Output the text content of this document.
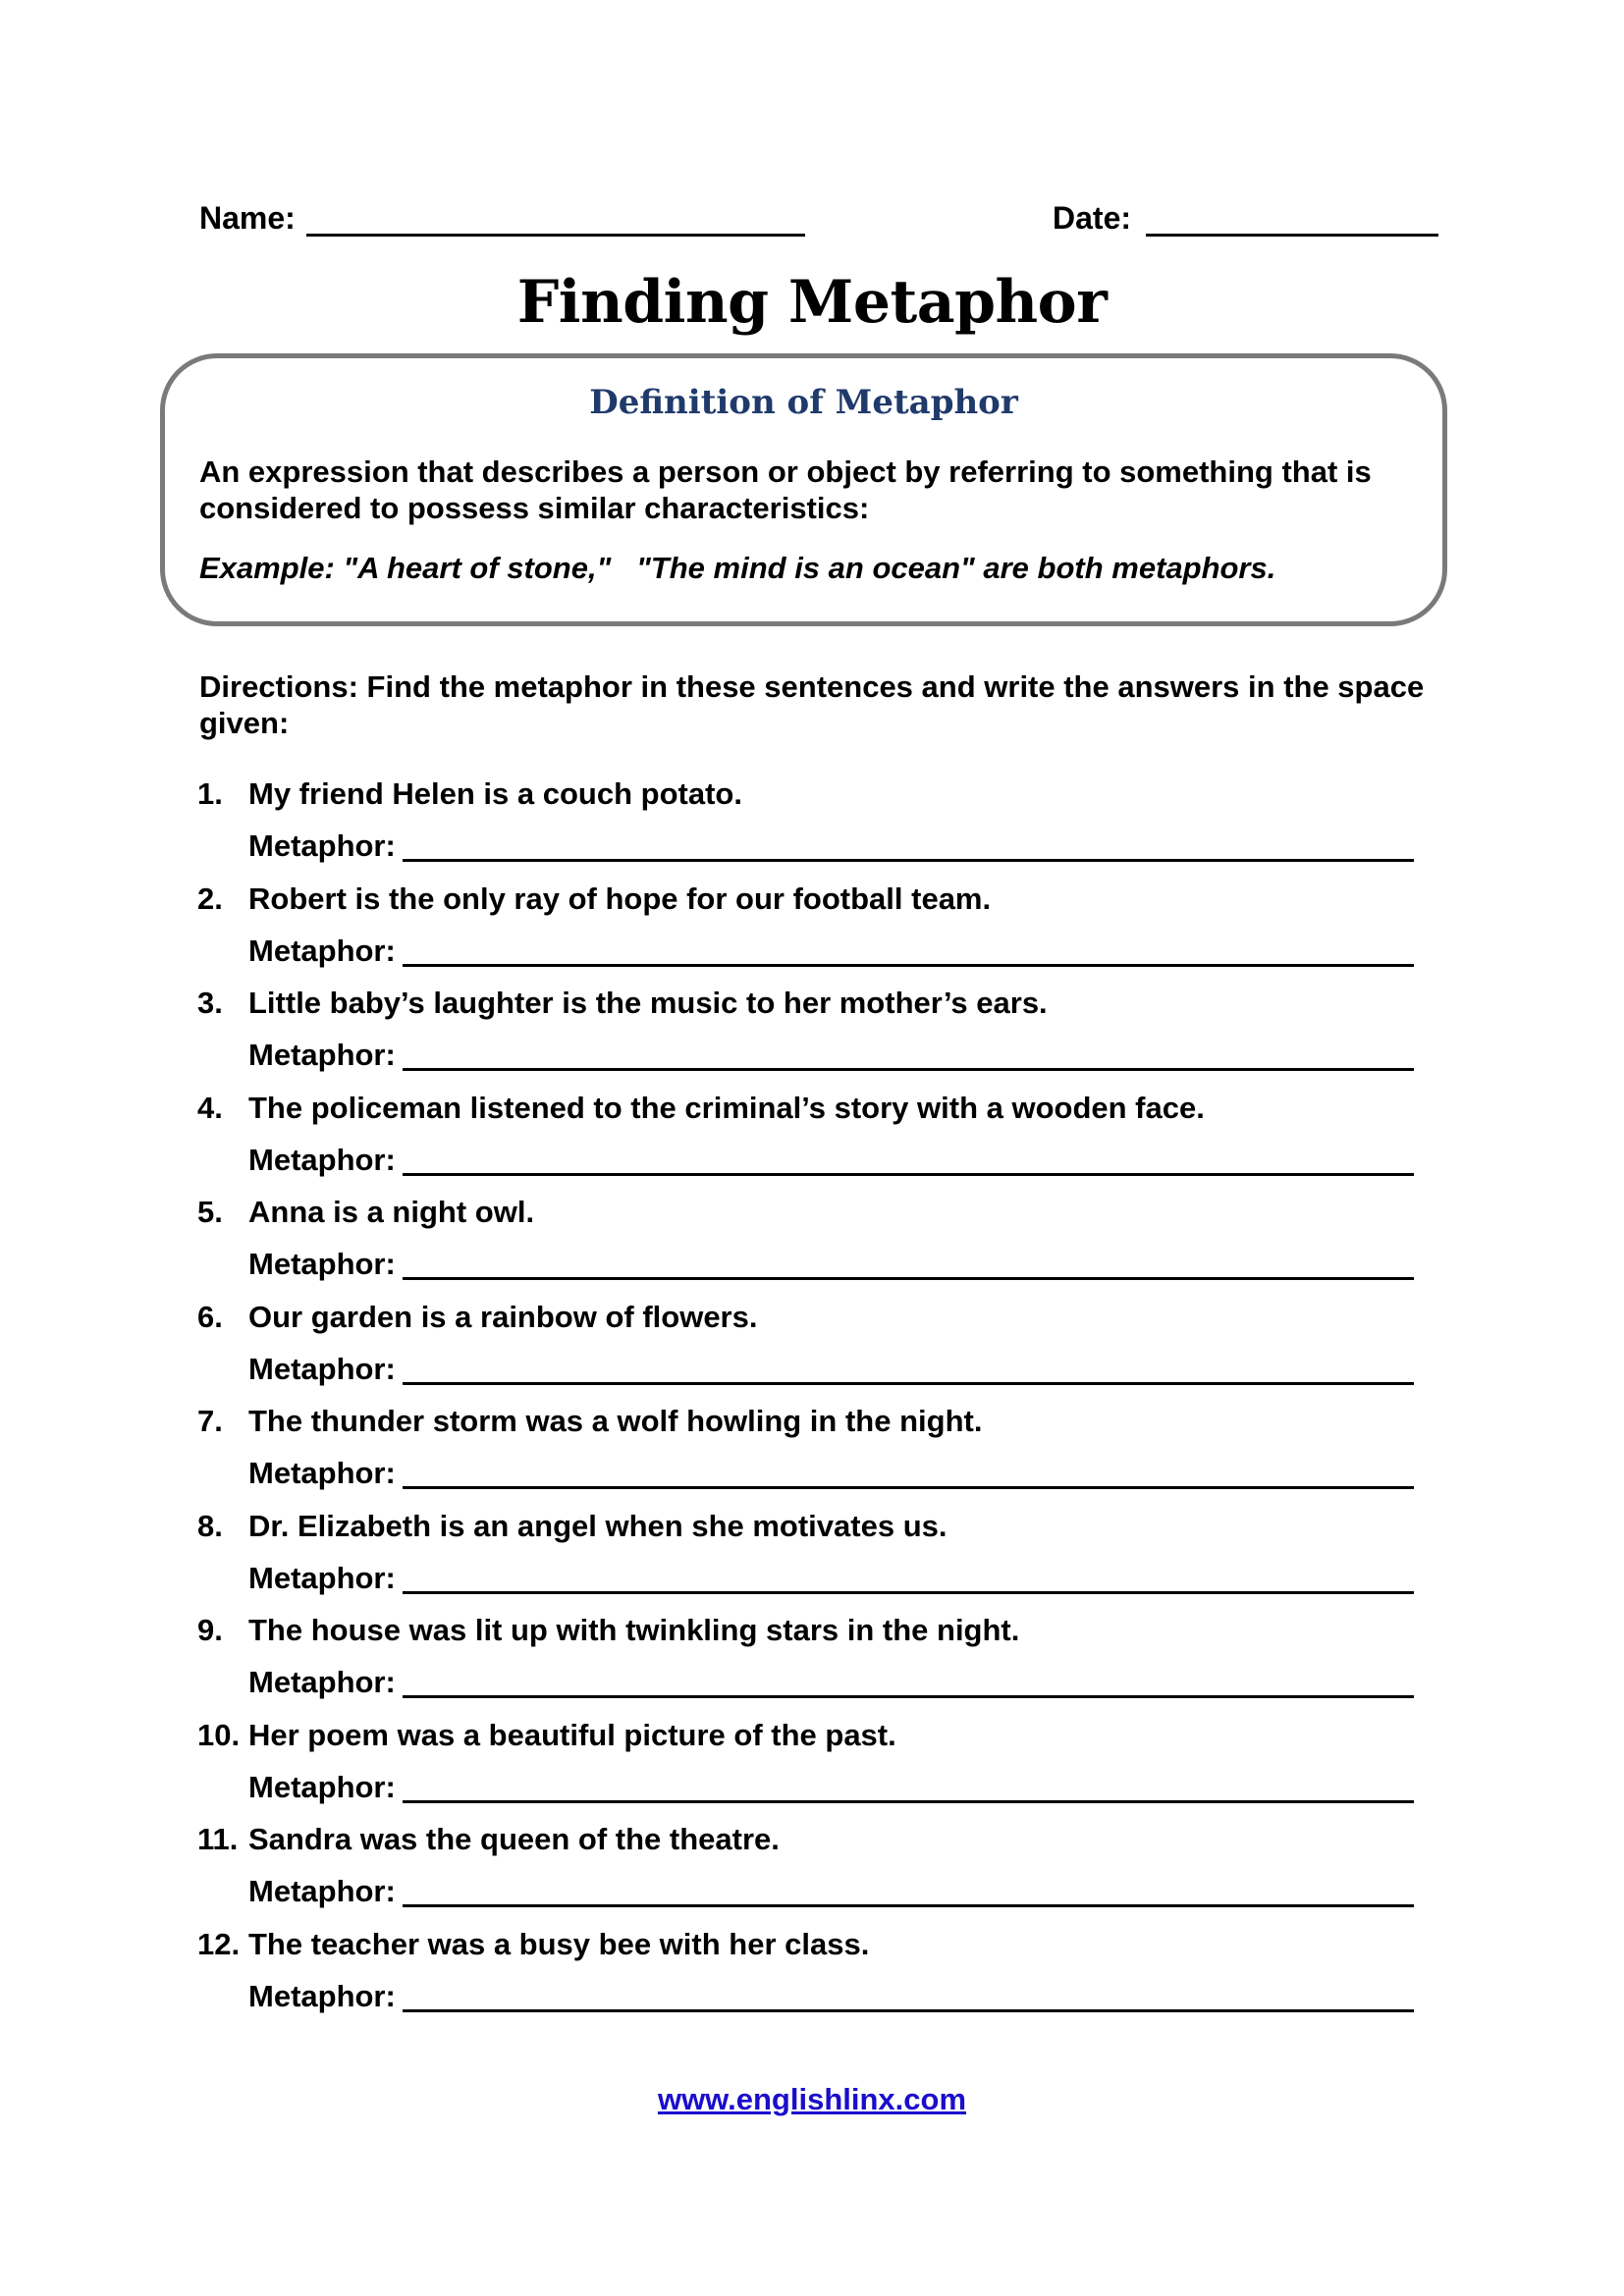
Name:	Date:
Finding Metaphor
Definition of Metaphor
An expression that describes a person or object by referring to something that is considered to possess similar characteristics:
Example: "A heart of stone,"   "The mind is an ocean" are both metaphors.
Directions: Find the metaphor in these sentences and write the answers in the space given:
1. My friend Helen is a couch potato.
Metaphor:
2. Robert is the only ray of hope for our football team.
Metaphor:
3. Little baby’s laughter is the music to her mother’s ears.
Metaphor:
4. The policeman listened to the criminal’s story with a wooden face.
Metaphor:
5. Anna is a night owl.
Metaphor:
6. Our garden is a rainbow of flowers.
Metaphor:
7. The thunder storm was a wolf howling in the night.
Metaphor:
8. Dr. Elizabeth is an angel when she motivates us.
Metaphor:
9. The house was lit up with twinkling stars in the night.
Metaphor:
10. Her poem was a beautiful picture of the past.
Metaphor:
11. Sandra was the queen of the theatre.
Metaphor:
12. The teacher was a busy bee with her class.
Metaphor:
www.englishlinx.com
